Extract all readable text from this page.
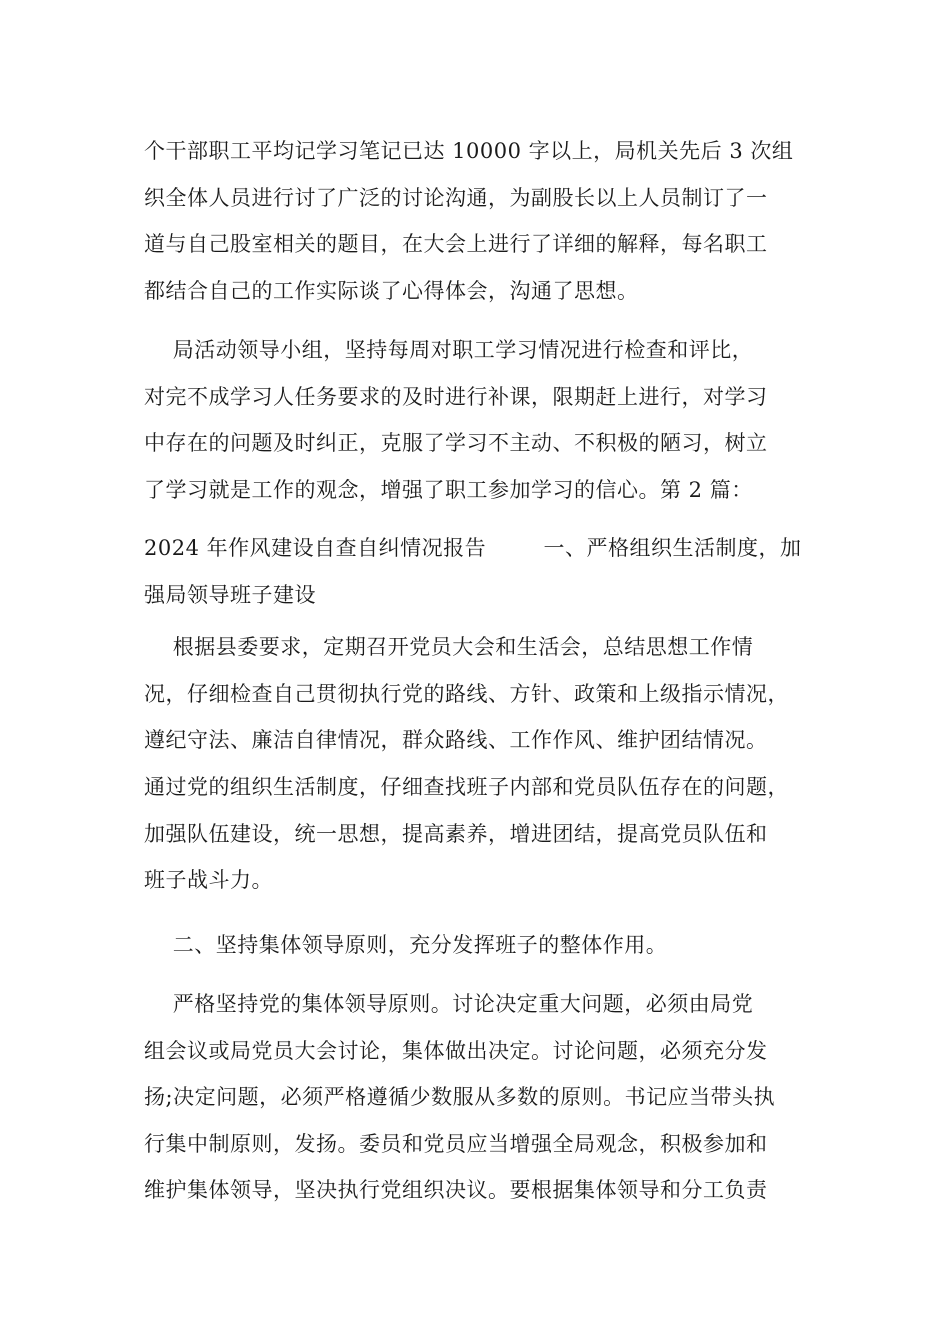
个干部职工平均记学习笔记已达 10000 字以上，局机关先后 3 次组
织全体人员进行讨了广泛的讨论沟通，为副股长以上人员制订了一
道与自己股室相关的题目，在大会上进行了详细的解释，每名职工
都结合自己的工作实际谈了心得体会，沟通了思想。
局活动领导小组，坚持每周对职工学习情况进行检查和评比，
对完不成学习人任务要求的及时进行补课，限期赶上进行，对学习
中存在的问题及时纠正，克服了学习不主动、不积极的陋习，树立
了学习就是工作的观念，增强了职工参加学习的信心。第 2 篇：
2024 年作风建设自查自纠情况报告        一、严格组织生活制度，加
强局领导班子建设
根据县委要求，定期召开党员大会和生活会，总结思想工作情
况，仔细检查自己贯彻执行党的路线、方针、政策和上级指示情况，
遵纪守法、廉洁自律情况，群众路线、工作作风、维护团结情况。
通过党的组织生活制度，仔细查找班子内部和党员队伍存在的问题，
加强队伍建设，统一思想，提高素养，增进团结，提高党员队伍和
班子战斗力。
二、坚持集体领导原则，充分发挥班子的整体作用。
严格坚持党的集体领导原则。讨论决定重大问题，必须由局党
组会议或局党员大会讨论，集体做出决定。讨论问题，必须充分发
扬;决定问题，必须严格遵循少数服从多数的原则。书记应当带头执
行集中制原则，发扬。委员和党员应当增强全局观念，积极参加和
维护集体领导，坚决执行党组织决议。要根据集体领导和分工负责
